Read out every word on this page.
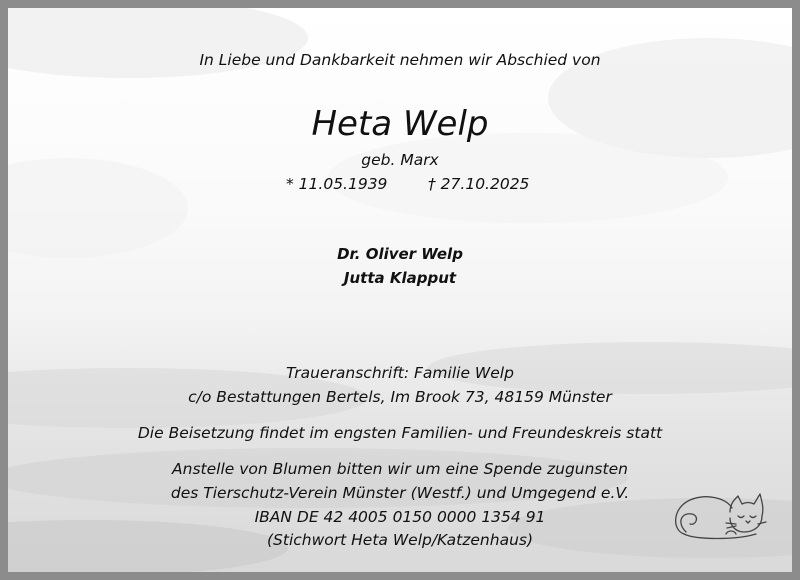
In Liebe und Dankbarkeit nehmen wir Abschied von
Heta Welp
geb. Marx
* 11.05.1939	† 27.10.2025
Dr. Oliver Welp
Jutta Klapput
Traueranschrift: Familie Welp
c/o Bestattungen Bertels, Im Brook 73, 48159 Münster
Die Beisetzung findet im engsten Familien- und Freundeskreis statt
Anstelle von Blumen bitten wir um eine Spende zugunsten
des Tierschutz-Verein Münster (Westf.) und Umgegend e.V.
IBAN DE 42 4005 0150 0000 1354 91
(Stichwort Heta Welp/Katzenhaus)
